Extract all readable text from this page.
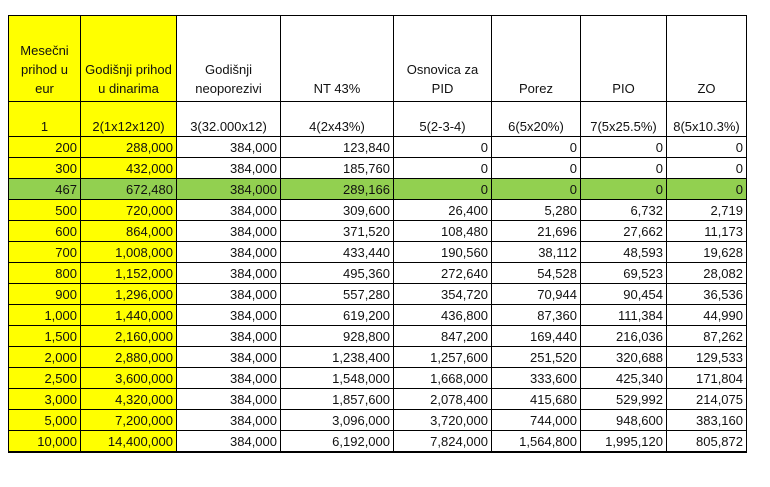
Mesečni prihod u eur	Godišnji prihod u dinarima	Godišnji neoporezivi	NT 43%	Osnovica za PID	Porez	PIO	ZO
1	2(1x12x120)	3(32.000x12)	4(2x43%)	5(2-3-4)	6(5x20%)	7(5x25.5%)	8(5x10.3%)
200	288,000	384,000	123,840	0	0	0	0
300	432,000	384,000	185,760	0	0	0	0
467	672,480	384,000	289,166	0	0	0	0
500	720,000	384,000	309,600	26,400	5,280	6,732	2,719
600	864,000	384,000	371,520	108,480	21,696	27,662	11,173
700	1,008,000	384,000	433,440	190,560	38,112	48,593	19,628
800	1,152,000	384,000	495,360	272,640	54,528	69,523	28,082
900	1,296,000	384,000	557,280	354,720	70,944	90,454	36,536
1,000	1,440,000	384,000	619,200	436,800	87,360	111,384	44,990
1,500	2,160,000	384,000	928,800	847,200	169,440	216,036	87,262
2,000	2,880,000	384,000	1,238,400	1,257,600	251,520	320,688	129,533
2,500	3,600,000	384,000	1,548,000	1,668,000	333,600	425,340	171,804
3,000	4,320,000	384,000	1,857,600	2,078,400	415,680	529,992	214,075
5,000	7,200,000	384,000	3,096,000	3,720,000	744,000	948,600	383,160
10,000	14,400,000	384,000	6,192,000	7,824,000	1,564,800	1,995,120	805,872
